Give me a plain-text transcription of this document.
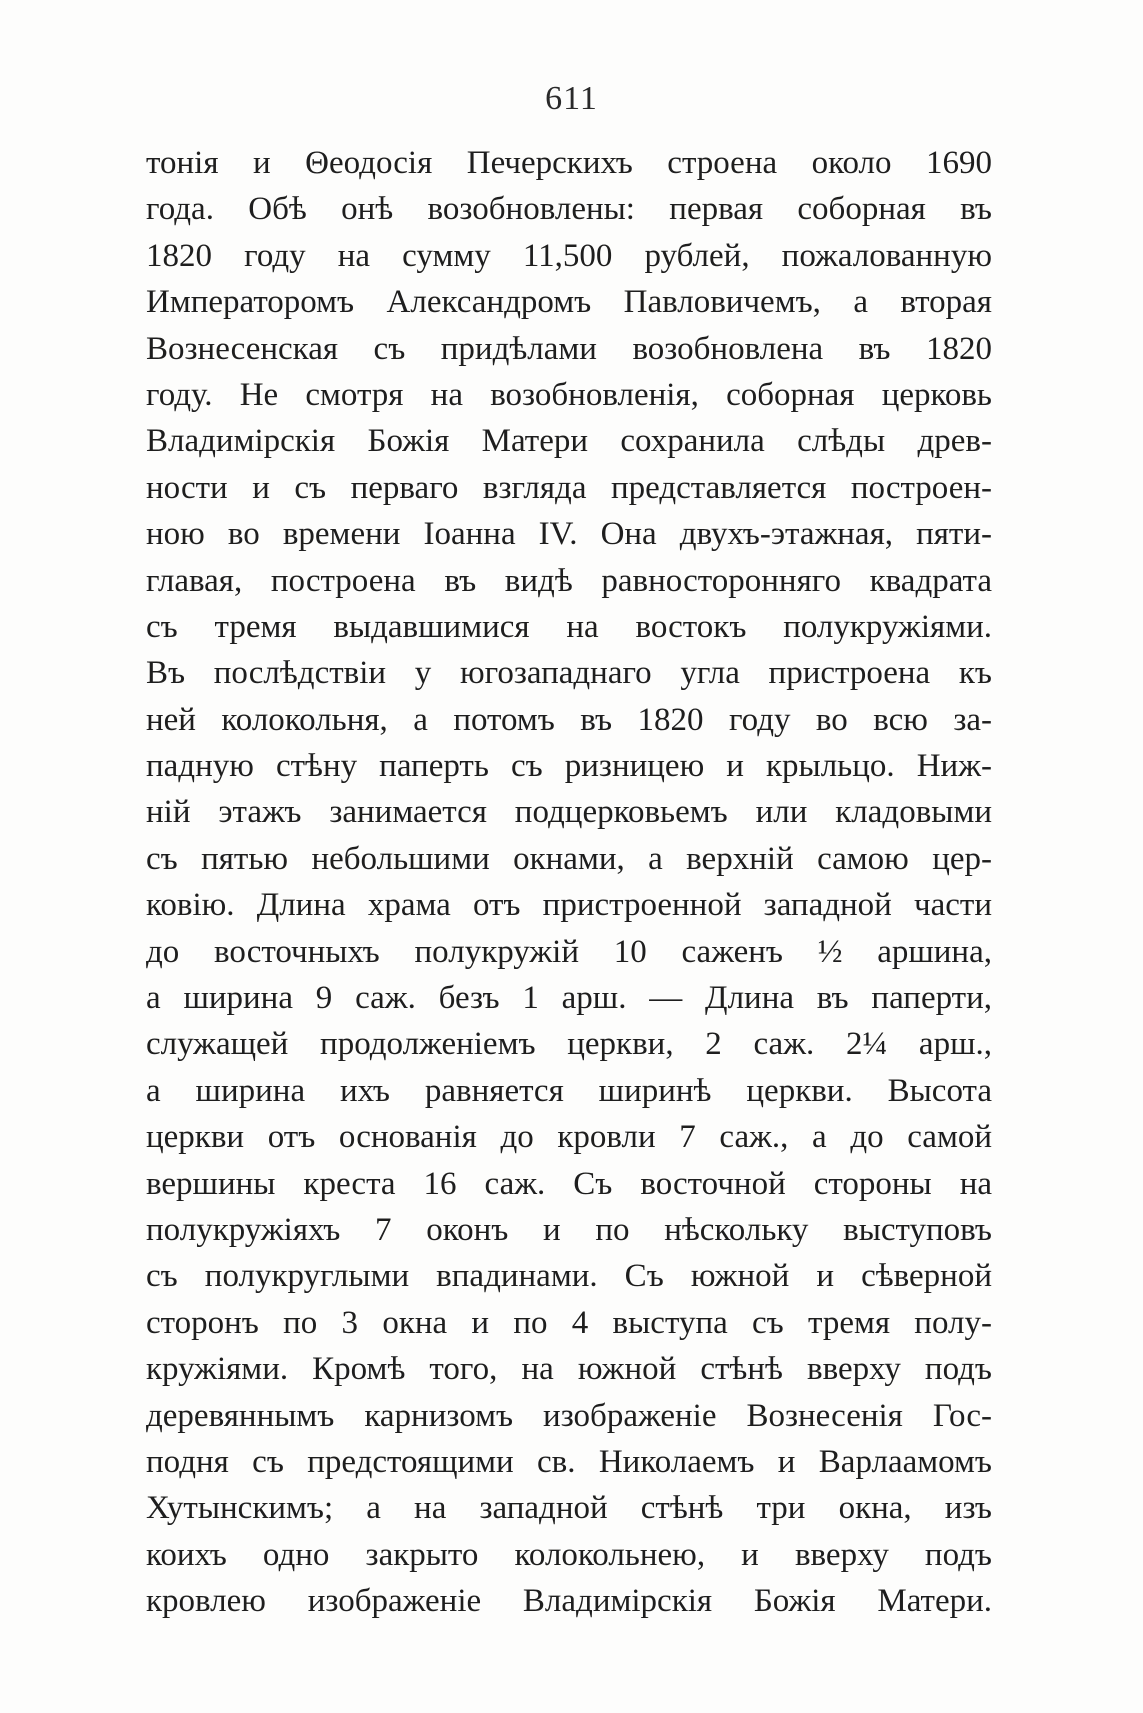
611
тонія и Θеодосія Печерскихъ строена около 1690
года. Обѣ онѣ возобновлены: первая соборная въ
1820 году на сумму 11,500 рублей, пожалованную
Императоромъ Александромъ Павловичемъ, а вторая
Вознесенская съ придѣлами возобновлена въ 1820
году. Не смотря на возобновленія, соборная церковь
Владимірскія Божія Матери сохранила слѣды древ-
ности и съ перваго взгляда представляется построен-
ною во времени Іоанна IV. Она двухъ-этажная, пяти-
главая, построена въ видѣ равносторонняго квадрата
съ тремя выдавшимися на востокъ полукружіями.
Въ послѣдствіи у югозападнаго угла пристроена къ
ней колокольня, а потомъ въ 1820 году во всю за-
падную стѣну паперть съ ризницею и крыльцо. Ниж-
ній этажъ занимается подцерковьемъ или кладовыми
съ пятью небольшими окнами, а верхній самою цер-
ковію. Длина храма отъ пристроенной западной части
до восточныхъ полукружій 10 саженъ ½ аршина,
а ширина 9 саж. безъ 1 арш. — Длина въ паперти,
служащей продолженіемъ церкви, 2 саж. 2¼ арш.,
а ширина ихъ равняется ширинѣ церкви. Высота
церкви отъ основанія до кровли 7 саж., а до самой
вершины креста 16 саж. Съ восточной стороны на
полукружіяхъ 7 оконъ и по нѣскольку выступовъ
съ полукруглыми впадинами. Съ южной и сѣверной
сторонъ по 3 окна и по 4 выступа съ тремя полу-
кружіями. Кромѣ того, на южной стѣнѣ вверху подъ
деревяннымъ карнизомъ изображеніе Вознесенія Гос-
подня съ предстоящими св. Николаемъ и Варлаамомъ
Хутынскимъ; а на западной стѣнѣ три окна, изъ
коихъ одно закрыто колокольнею, и вверху подъ
кровлею изображеніе Владимірскія Божія Матери.
